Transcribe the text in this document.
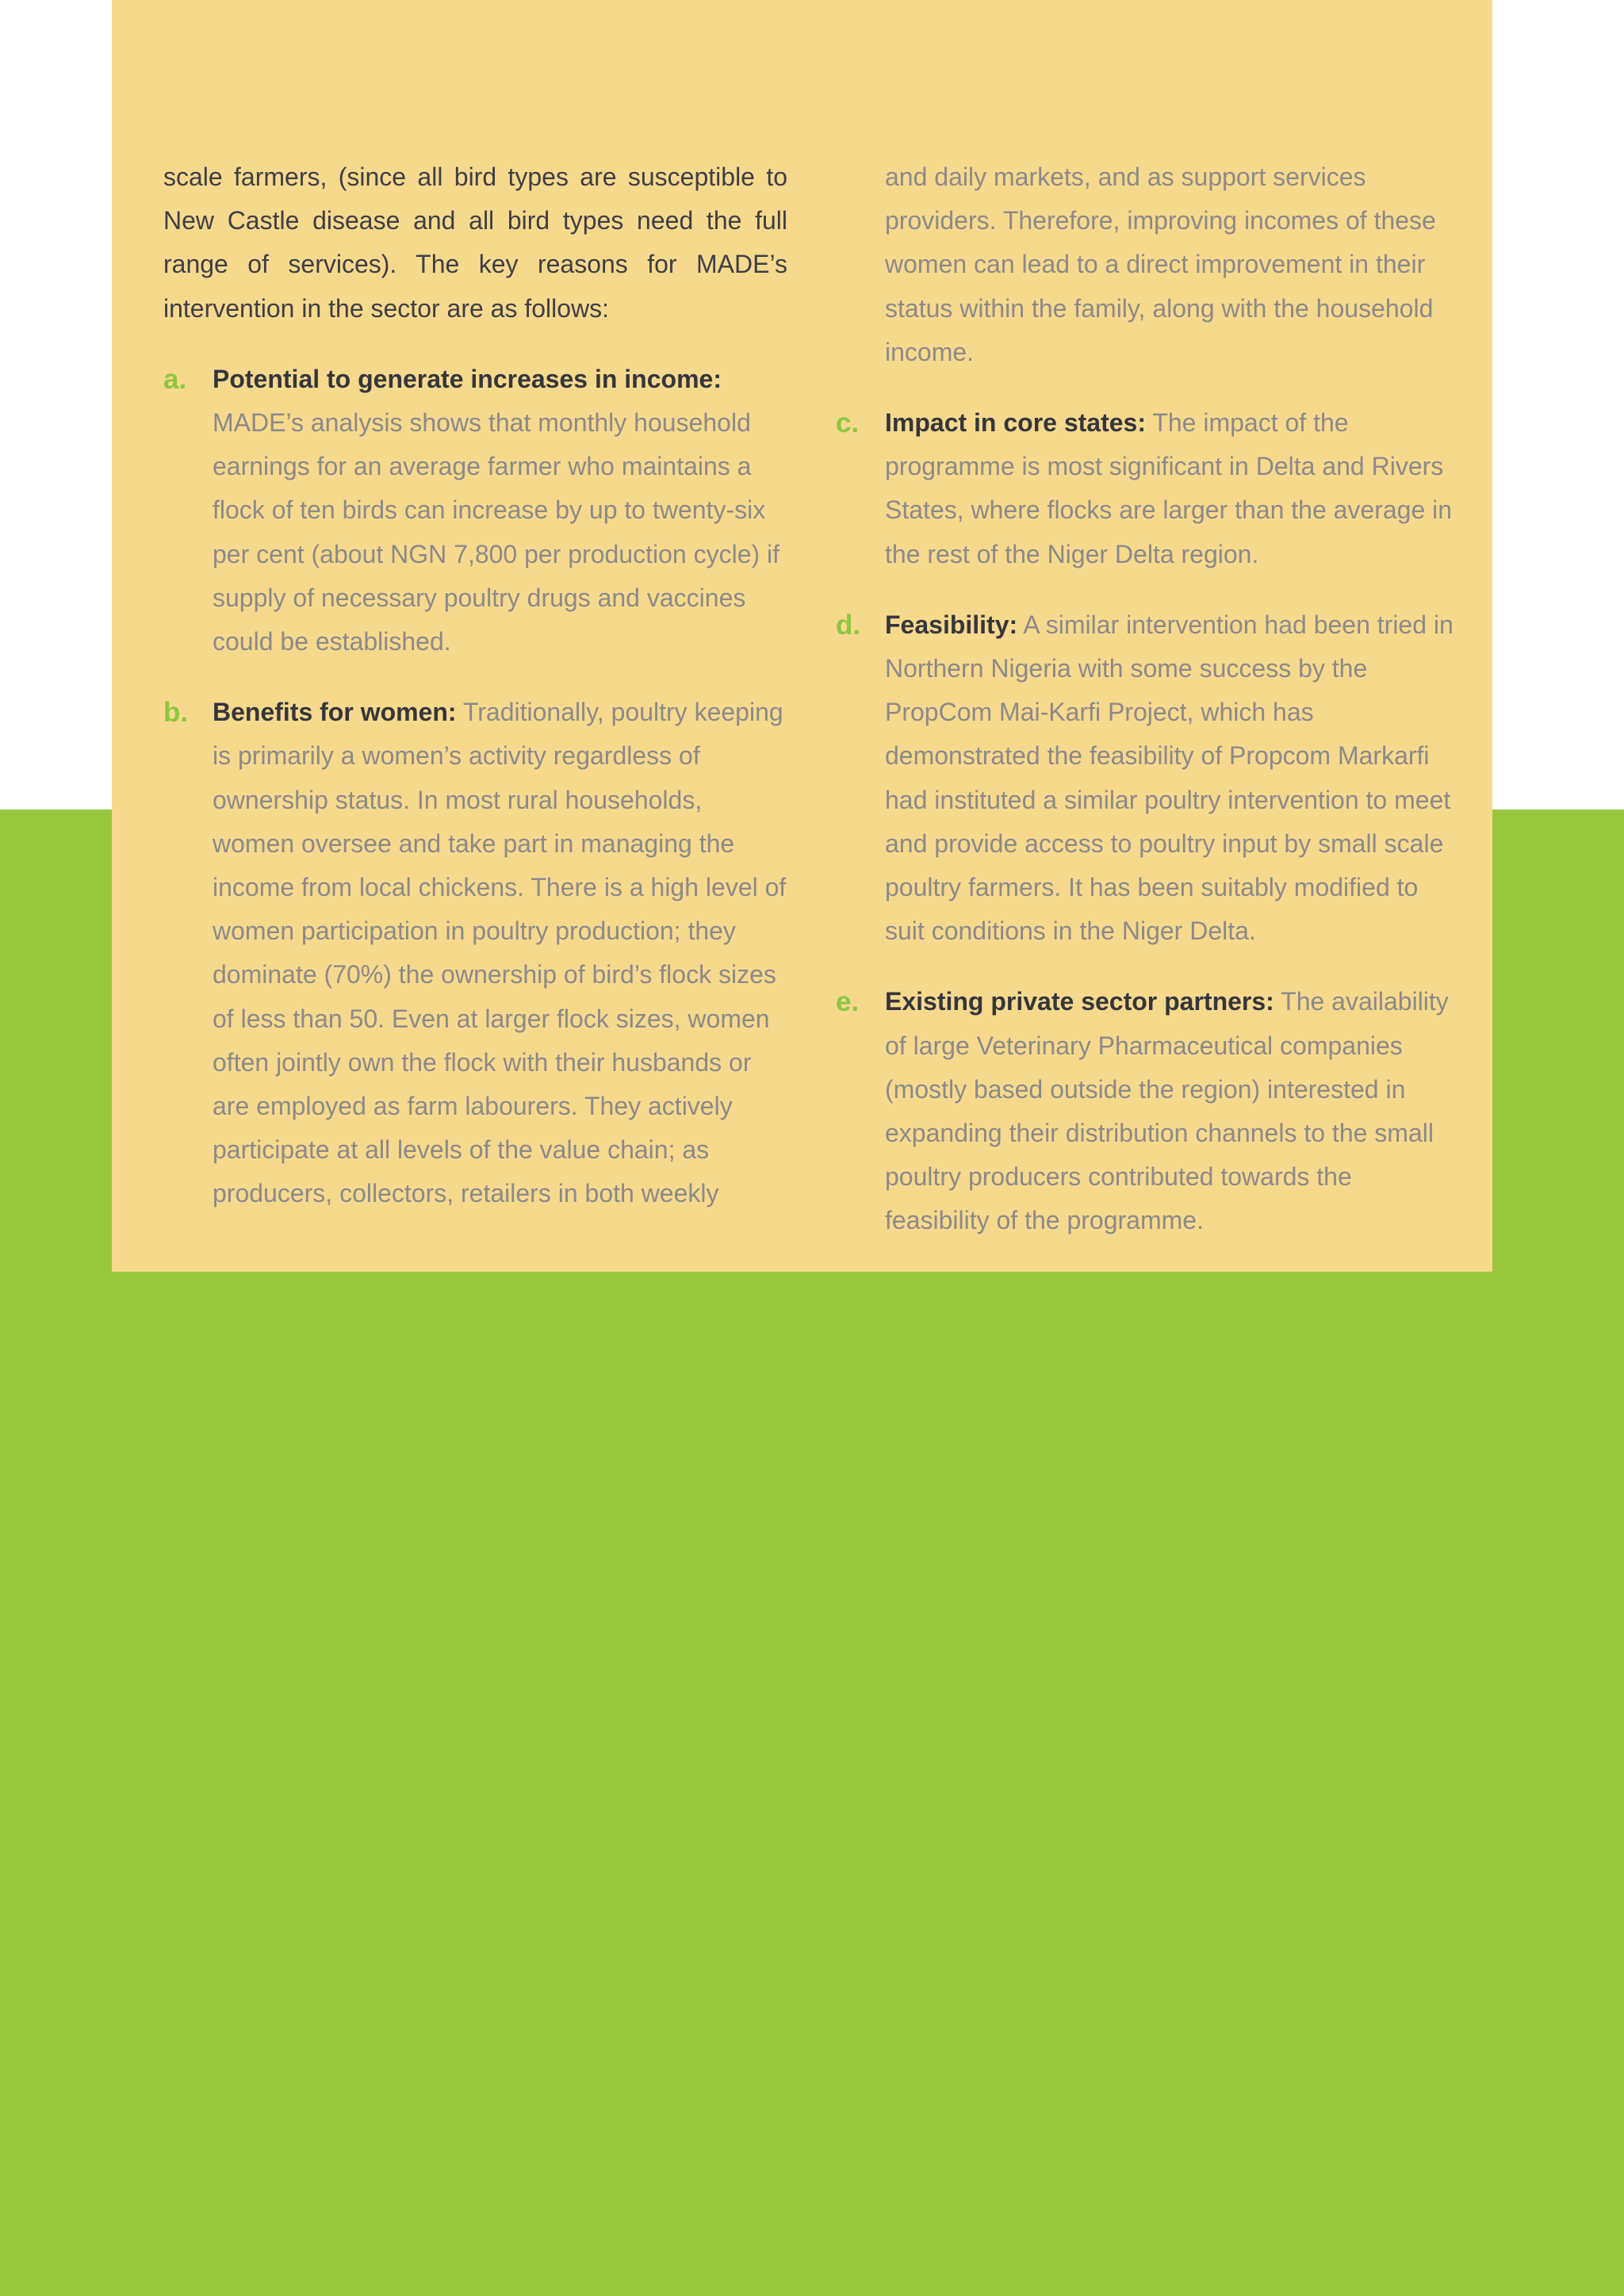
scale farmers, (since all bird types are susceptible to New Castle disease and all bird types need the full range of services). The key reasons for MADE’s intervention in the sector are as follows:

a. Potential to generate increases in income:
MADE’s analysis shows that monthly household earnings for an average farmer who maintains a flock of ten birds can increase by up to twenty-six per cent (about NGN 7,800 per production cycle) if supply of necessary poultry drugs and vaccines could be established.
b. Benefits for women: Traditionally, poultry keeping is primarily a women’s activity regardless of ownership status. In most rural households, women oversee and take part in managing the income from local chickens. There is a high level of women participation in poultry production; they dominate (70%) the ownership of bird’s flock sizes of less than 50. Even at larger flock sizes, women often jointly own the flock with their husbands or are employed as farm labourers. They actively participate at all levels of the value chain; as producers, collectors, retailers in both weekly
and daily markets, and as support services providers. Therefore, improving incomes of these women can lead to a direct improvement in their status within the family, along with the household income.
c. Impact in core states: The impact of the programme is most significant in Delta and Rivers States, where flocks are larger than the average in the rest of the Niger Delta region.
d. Feasibility: A similar intervention had been tried in Northern Nigeria with some success by the PropCom Mai-Karfi Project, which has demonstrated the feasibility of Propcom Markarfi had instituted a similar poultry intervention to meet and provide access to poultry input by small scale poultry farmers. It has been suitably modified to suit conditions in the Niger Delta.
e. Existing private sector partners: The availability of large Veterinary Pharmaceutical companies (mostly based outside the region) interested in expanding their distribution channels to the small poultry producers contributed towards the feasibility of the programme.
